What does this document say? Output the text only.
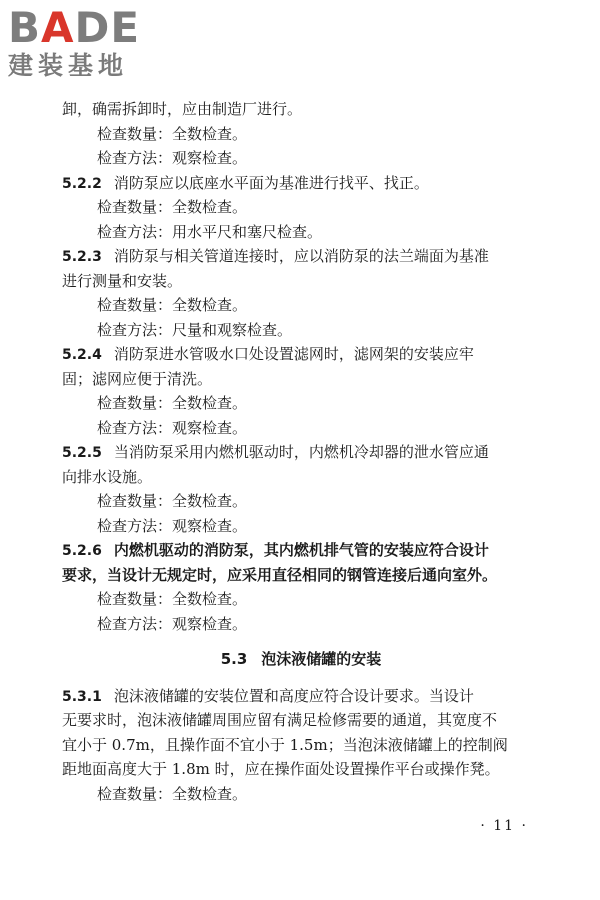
BADE
建装基地
卸，确需拆卸时，应由制造厂进行。
检查数量：全数检查。
检查方法：观察检查。
5.2.2 消防泵应以底座水平面为基准进行找平、找正。
检查数量：全数检查。
检查方法：用水平尺和塞尺检查。
5.2.3 消防泵与相关管道连接时，应以消防泵的法兰端面为基准
进行测量和安装。
检查数量：全数检查。
检查方法：尺量和观察检查。
5.2.4 消防泵进水管吸水口处设置滤网时，滤网架的安装应牢
固；滤网应便于清洗。
检查数量：全数检查。
检查方法：观察检查。
5.2.5 当消防泵采用内燃机驱动时，内燃机冷却器的泄水管应通
向排水设施。
检查数量：全数检查。
检查方法：观察检查。
5.2.6 内燃机驱动的消防泵，其内燃机排气管的安装应符合设计
要求，当设计无规定时，应采用直径相同的钢管连接后通向室外。
检查数量：全数检查。
检查方法：观察检查。
5.3 泡沫液储罐的安装
5.3.1 泡沫液储罐的安装位置和高度应符合设计要求。当设计
无要求时，泡沫液储罐周围应留有满足检修需要的通道，其宽度不
宜小于 0.7m，且操作面不宜小于 1.5m；当泡沫液储罐上的控制阀
距地面高度大于 1.8m 时，应在操作面处设置操作平台或操作凳。
检查数量：全数检查。
· 11 ·
